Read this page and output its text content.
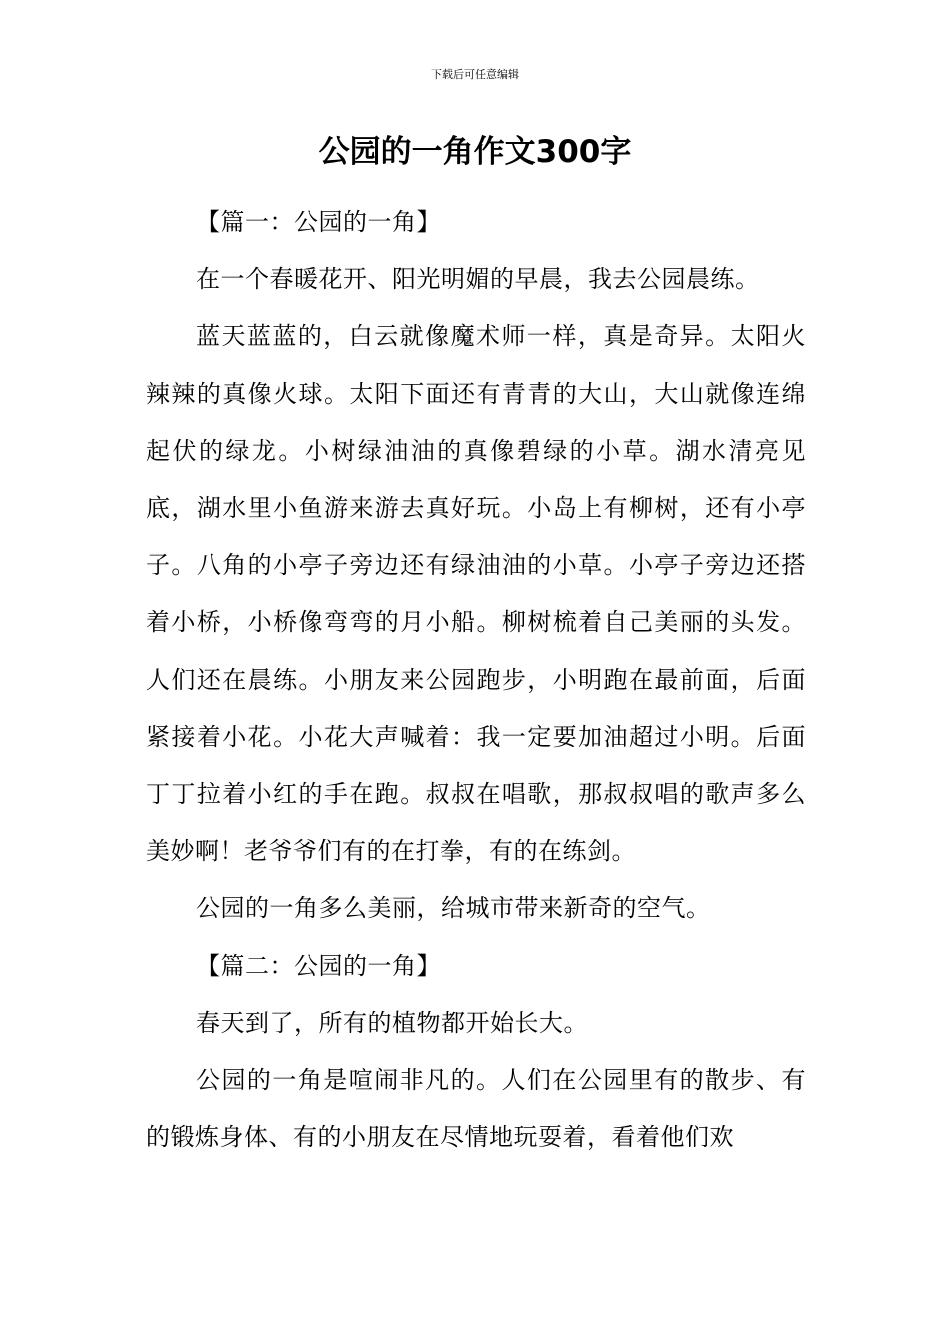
下载后可任意编辑
公园的一角作文300字

【篇一：公园的一角】

在一个春暖花开、阳光明媚的早晨，我去公园晨练。

蓝天蓝蓝的，白云就像魔术师一样，真是奇异。太阳火辣辣的真像火球。太阳下面还有青青的大山，大山就像连绵起伏的绿龙。小树绿油油的真像碧绿的小草。湖水清亮见底，湖水里小鱼游来游去真好玩。小岛上有柳树，还有小亭子。八角的小亭子旁边还有绿油油的小草。小亭子旁边还搭着小桥，小桥像弯弯的月小船。柳树梳着自己美丽的头发。人们还在晨练。小朋友来公园跑步，小明跑在最前面，后面紧接着小花。小花大声喊着：我一定要加油超过小明。后面丁丁拉着小红的手在跑。叔叔在唱歌，那叔叔唱的歌声多么美妙啊！老爷爷们有的在打拳，有的在练剑。

公园的一角多么美丽，给城市带来新奇的空气。

【篇二：公园的一角】

春天到了，所有的植物都开始长大。

公园的一角是喧闹非凡的。人们在公园里有的散步、有的锻炼身体、有的小朋友在尽情地玩耍着，看着他们欢
